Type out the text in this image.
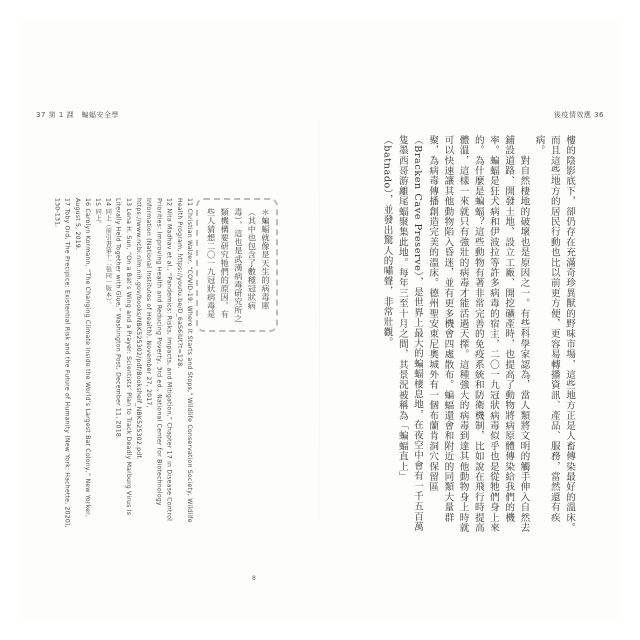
37 第 1 課　蝙蝠安全學
11 Christian Walzer, “COVID-19: Where It Starts and Stops,” Wildlife Conservation Society, Wildlife Health Program, https://youtu.be/D_6aS6iUt?t=128.
12 Nita Madhav et al., “Pandemics: Risks, Impacts, and Mitigation,” Chapter 17 in Disease Control Priorities: Improving Health and Reducing Poverty, 3rd ed., National Center for Biotechnology Information (National Institutes of Health), November 27, 2017, https://www.ncbi.nlm.nih.gov/books/NBK525302/pdf/Bookshelf_NBK525302.pdf.
13 Lena H. Sun, “On a Bat’s Wing and a Prayer: Scientists’ Plan to Track Deadly Marburg Virus Is Literally Held Together with Glue,” Washington Post, December 11, 2018.
14 同上（前引書第十二張同一版本）。
15 同上。
16 Carolyn Kormann, “The Changing Climate Inside the World’s Largest Bat Colony,” New Yorker, August 5, 2019.
17 Toby Ord, The Precipice: Existential Risk and the Future of Humanity (New York: Hachette, 2020), 130-131.	＊蝙蝠就像是天生的病毒庫（其中也包含了數種冠狀病毒），這也是武漢病毒研究所之類機構要研究牠們的原因。有些人猜想二〇一九冠狀病毒是
後疫情效應 36
樓的陰影底下，卻仍存在充滿奇珍異獸的野味市場，這些地方正是人畜傳染最好的溫床。而且這些地方的居民行動也比以前更方便，更容易轉播資訊、產品、服務，當然還有疾病。
　　對自然棲地的破壞也是原因之一。有些科學家認為，當人類將文明的觸手伸入自然去鋪設道路、開發土地、設立工廠、開挖礦產時，也提高了動物將病原體傳染給我們的機率。蝙蝠是狂犬病和伊波拉等許多病毒的宿主，二〇一九冠狀病毒似乎也是從牠們身上來的。為什麼是蝙蝠？這些動物有著非常完善的免疫系統和防衛機制，比如說在飛行時提高體溫，這樣一來就只有強壯的病毒才能活過天擇。這種強大的病毒到達其他動物身上時就可以快速讓其他動物陷入昏迷，並有更多機會四處散布。蝙蝠還會和附近的同類大量群聚，為病毒傳播創造完美的溫床。德州聖安東尼奧城外有一個布蘭肯洞穴保留區（Bracken Cave Preserve），是世界上最大的蝙蝠棲息地，在夜空中會有一千五百萬隻墨西哥游離尾蝠聚集此地。每年三至十月之間，其景況被稱為「蝙蝠直上」（batnado），並發出驚人的嘯聲，非常壯觀。
8
